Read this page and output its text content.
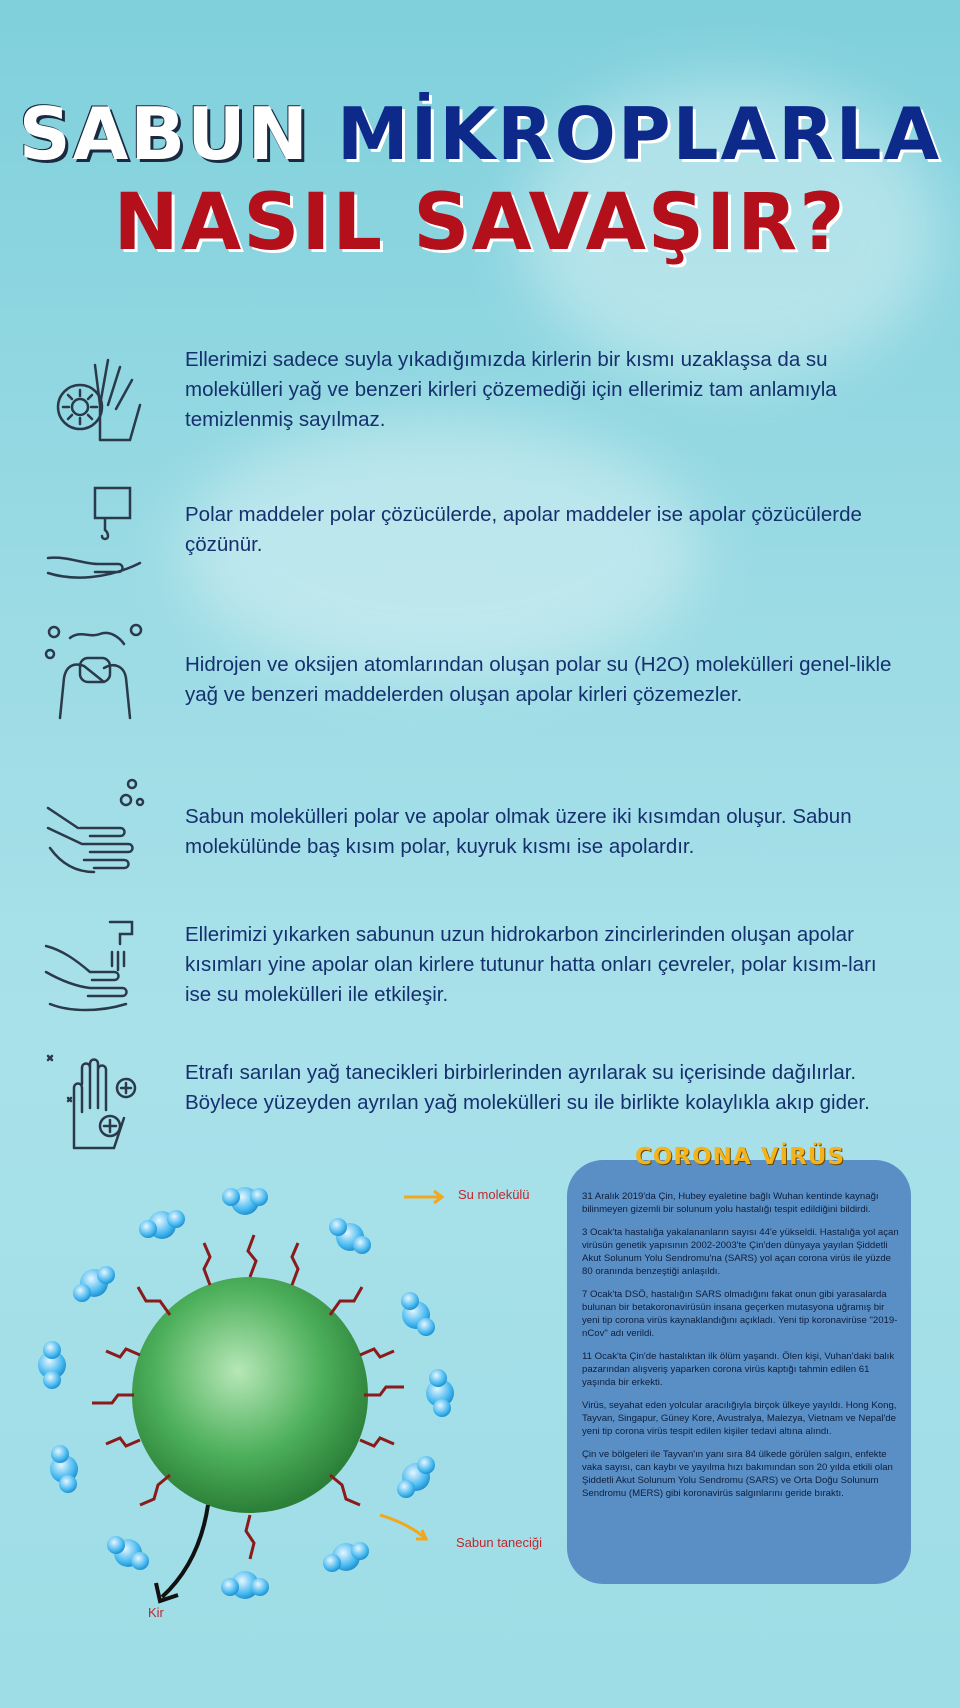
SABUN MİKROPLARLA
NASIL SAVAŞIR?
Ellerimizi sadece suyla yıkadığımızda kirlerin bir kısmı uzaklaşsa da su molekülleri yağ ve benzeri kirleri çözemediği için ellerimiz tam anlamıyla temizlenmiş sayılmaz.
Polar maddeler polar çözücülerde, apolar maddeler ise apolar çözücülerde çözünür.
Hidrojen ve oksijen atomlarından oluşan polar su (H2O) molekülleri genel-likle yağ ve benzeri maddelerden oluşan apolar kirleri çözemezler.
Sabun molekülleri polar ve apolar olmak üzere iki kısımdan oluşur. Sabun molekülünde baş kısım polar, kuyruk kısmı ise apolardır.
Ellerimizi yıkarken sabunun uzun hidrokarbon zincirlerinden oluşan apolar kısımları yine apolar olan kirlere tutunur hatta onları çevreler, polar kısım-ları ise su molekülleri ile etkileşir.
Etrafı sarılan yağ tanecikleri birbirlerinden ayrılarak su içerisinde dağılırlar. Böylece yüzeyden ayrılan yağ molekülleri su ile birlikte kolaylıkla akıp gider.
Su molekülü
Sabun taneciği
Kir
CORONA VİRÜS

31 Aralık 2019'da Çin, Hubey eyaletine bağlı Wuhan kentinde kaynağı bilinmeyen gizemli bir solunum yolu hastalığı tespit edildiğini bildirdi.

3 Ocak'ta hastalığa yakalananların sayısı 44'e yükseldi. Hastalığa yol açan virüsün genetik yapısının 2002-2003'te Çin'den dünyaya yayılan Şiddetli Akut Solunum Yolu Sendromu'na (SARS) yol açan corona virüs ile yüzde 80 oranında benzeştiği anlaşıldı.

7 Ocak'ta DSÖ, hastalığın SARS olmadığını fakat onun gibi yarasalarda bulunan bir betakoronavirüsün insana geçerken mutasyona uğramış bir yeni tip corona virüs kaynaklandığını açıkladı. Yeni tip koronavirüse "2019-nCov" adı verildi.

11 Ocak'ta Çin'de hastalıktan ilk ölüm yaşandı. Ölen kişi, Vuhan'daki balık pazarından alışveriş yaparken corona virüs kaptığı tahmin edilen 61 yaşında bir erkekti.

Virüs, seyahat eden yolcular aracılığıyla birçok ülkeye yayıldı. Hong Kong, Tayvan, Singapur, Güney Kore, Avustralya, Malezya, Vietnam ve Nepal'de yeni tip corona virüs tespit edilen kişiler tedavi altına alındı.

Çin ve bölgeleri ile Tayvan'ın yanı sıra 84 ülkede görülen salgın, enfekte vaka sayısı, can kaybı ve yayılma hızı bakımından son 20 yılda etkili olan Şiddetli Akut Solunum Yolu Sendromu (SARS) ve Orta Doğu Solunum Sendromu (MERS) gibi koronavirüs salgınlarını geride bıraktı.
